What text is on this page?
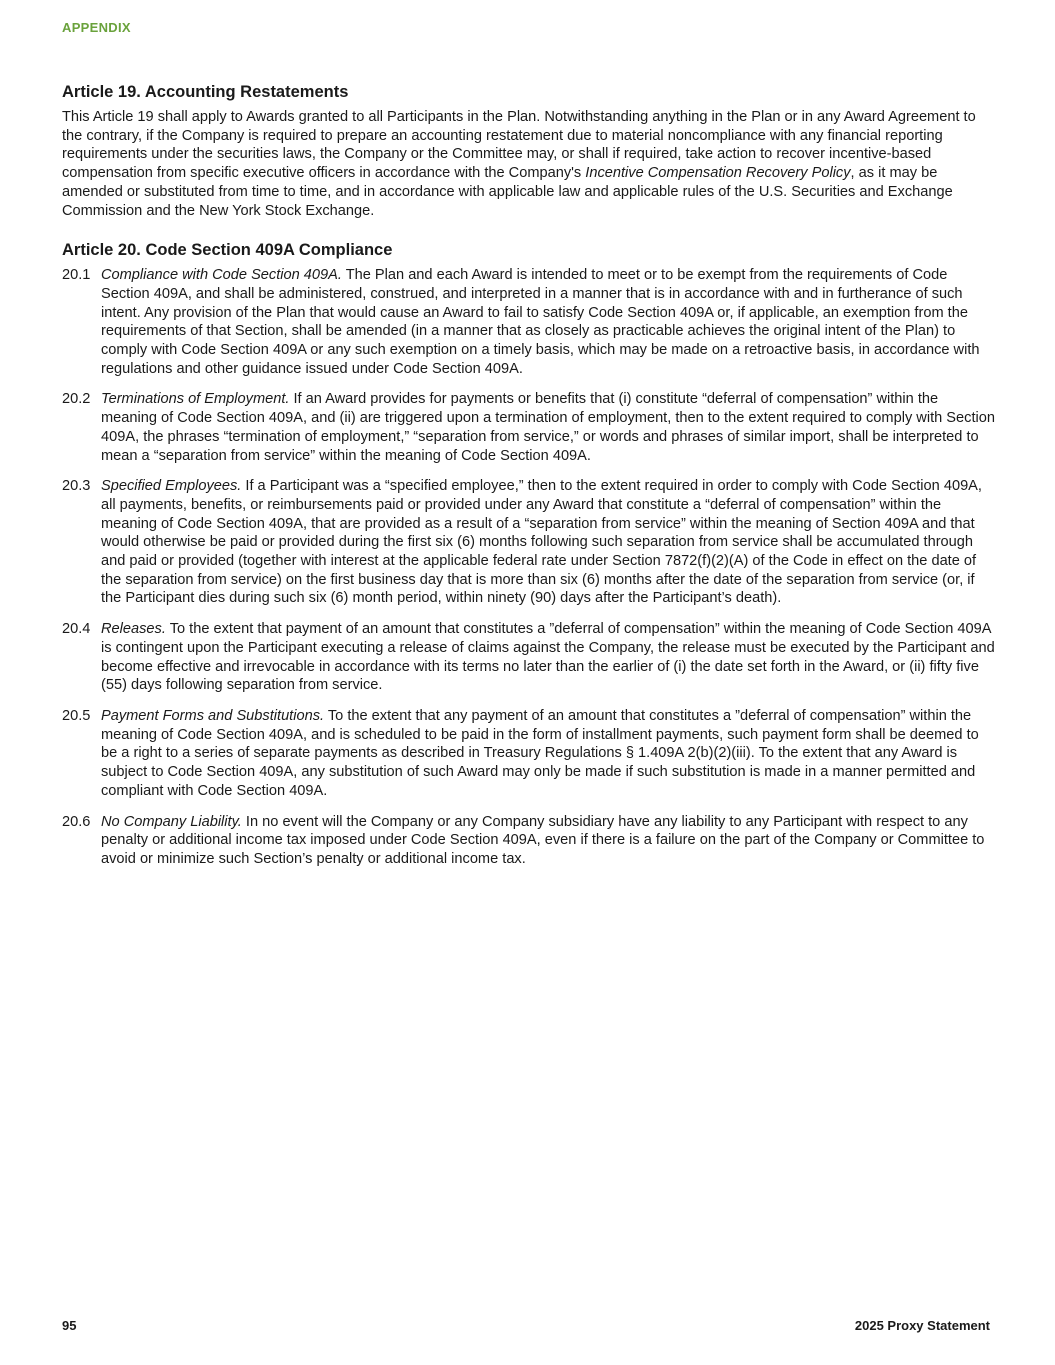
APPENDIX
Article 19. Accounting Restatements

This Article 19 shall apply to Awards granted to all Participants in the Plan. Notwithstanding anything in the Plan or in any Award Agreement to the contrary, if the Company is required to prepare an accounting restatement due to material noncompliance with any financial reporting requirements under the securities laws, the Company or the Committee may, or shall if required, take action to recover incentive-based compensation from specific executive officers in accordance with the Company's Incentive Compensation Recovery Policy, as it may be amended or substituted from time to time, and in accordance with applicable law and applicable rules of the U.S. Securities and Exchange Commission and the New York Stock Exchange.

Article 20. Code Section 409A Compliance
20.1 Compliance with Code Section 409A. The Plan and each Award is intended to meet or to be exempt from the requirements of Code Section 409A, and shall be administered, construed, and interpreted in a manner that is in accordance with and in furtherance of such intent. Any provision of the Plan that would cause an Award to fail to satisfy Code Section 409A or, if applicable, an exemption from the requirements of that Section, shall be amended (in a manner that as closely as practicable achieves the original intent of the Plan) to comply with Code Section 409A or any such exemption on a timely basis, which may be made on a retroactive basis, in accordance with regulations and other guidance issued under Code Section 409A.
20.2 Terminations of Employment. If an Award provides for payments or benefits that (i) constitute “deferral of compensation” within the meaning of Code Section 409A, and (ii) are triggered upon a termination of employment, then to the extent required to comply with Section 409A, the phrases “termination of employment,” “separation from service,” or words and phrases of similar import, shall be interpreted to mean a “separation from service” within the meaning of Code Section 409A.
20.3 Specified Employees. If a Participant was a “specified employee,” then to the extent required in order to comply with Code Section 409A, all payments, benefits, or reimbursements paid or provided under any Award that constitute a “deferral of compensation” within the meaning of Code Section 409A, that are provided as a result of a “separation from service” within the meaning of Section 409A and that would otherwise be paid or provided during the first six (6) months following such separation from service shall be accumulated through and paid or provided (together with interest at the applicable federal rate under Section 7872(f)(2)(A) of the Code in effect on the date of the separation from service) on the first business day that is more than six (6) months after the date of the separation from service (or, if the Participant dies during such six (6) month period, within ninety (90) days after the Participant’s death).
20.4 Releases. To the extent that payment of an amount that constitutes a ”deferral of compensation” within the meaning of Code Section 409A is contingent upon the Participant executing a release of claims against the Company, the release must be executed by the Participant and become effective and irrevocable in accordance with its terms no later than the earlier of (i) the date set forth in the Award, or (ii) fifty five (55) days following separation from service.
20.5 Payment Forms and Substitutions. To the extent that any payment of an amount that constitutes a ”deferral of compensation” within the meaning of Code Section 409A, and is scheduled to be paid in the form of installment payments, such payment form shall be deemed to be a right to a series of separate payments as described in Treasury Regulations § 1.409A 2(b)(2)(iii). To the extent that any Award is subject to Code Section 409A, any substitution of such Award may only be made if such substitution is made in a manner permitted and compliant with Code Section 409A.
20.6 No Company Liability. In no event will the Company or any Company subsidiary have any liability to any Participant with respect to any penalty or additional income tax imposed under Code Section 409A, even if there is a failure on the part of the Company or Committee to avoid or minimize such Section’s penalty or additional income tax.
95	2025 Proxy Statement
